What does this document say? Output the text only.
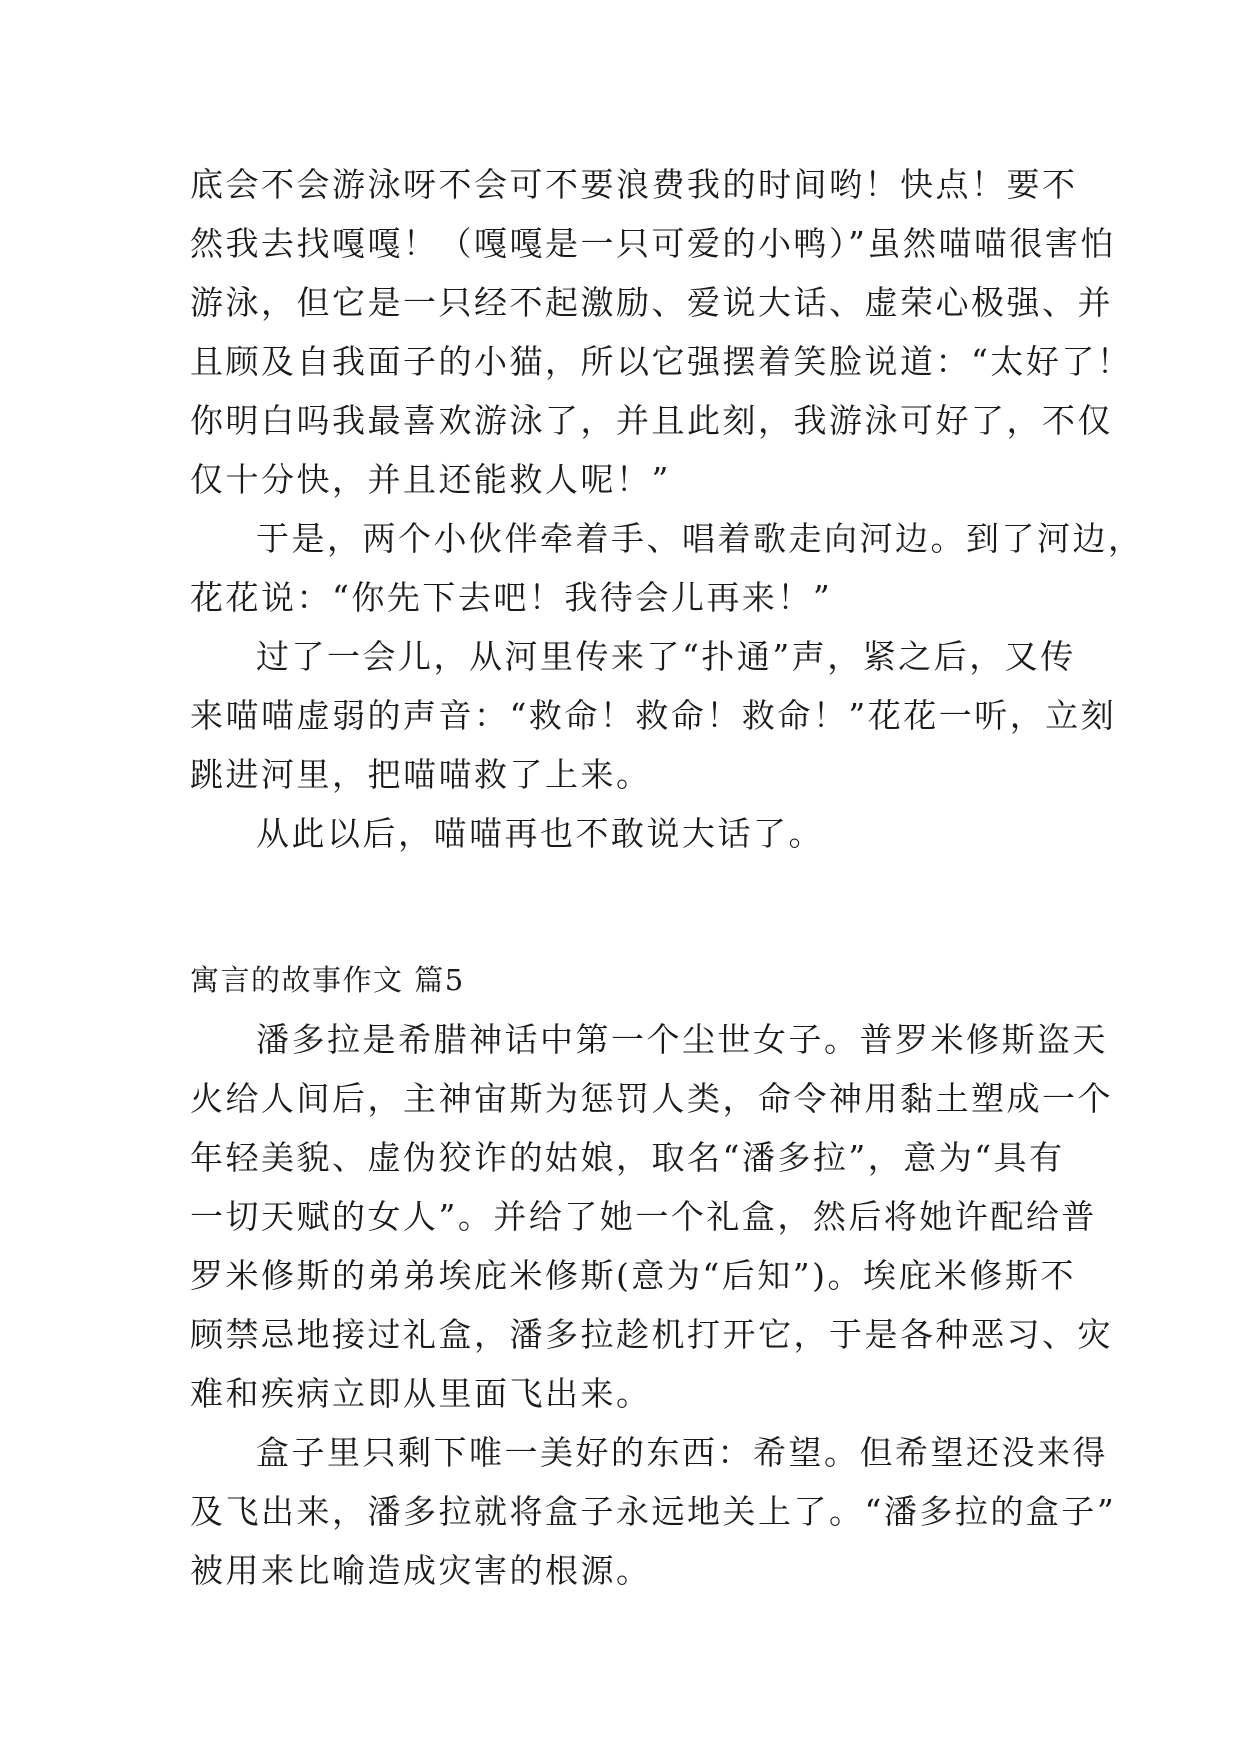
底会不会游泳呀不会可不要浪费我的时间哟！快点！要不
然我去找嘎嘎！（嘎嘎是一只可爱的小鸭）”虽然喵喵很害怕
游泳，但它是一只经不起激励、爱说大话、虚荣心极强、并
且顾及自我面子的小猫，所以它强摆着笑脸说道：“太好了！
你明白吗我最喜欢游泳了，并且此刻，我游泳可好了，不仅
仅十分快，并且还能救人呢！”
于是，两个小伙伴牵着手、唱着歌走向河边。到了河边，
花花说：“你先下去吧！我待会儿再来！”
过了一会儿，从河里传来了“扑通”声，紧之后，又传
来喵喵虚弱的声音：“救命！救命！救命！”花花一听，立刻
跳进河里，把喵喵救了上来。
从此以后，喵喵再也不敢说大话了。
寓言的故事作文 篇5
潘多拉是希腊神话中第一个尘世女子。普罗米修斯盗天
火给人间后，主神宙斯为惩罚人类，命令神用黏土塑成一个
年轻美貌、虚伪狡诈的姑娘，取名“潘多拉”，意为“具有
一切天赋的女人”。并给了她一个礼盒，然后将她许配给普
罗米修斯的弟弟埃庇米修斯(意为“后知”)。埃庇米修斯不
顾禁忌地接过礼盒，潘多拉趁机打开它，于是各种恶习、灾
难和疾病立即从里面飞出来。
盒子里只剩下唯一美好的东西：希望。但希望还没来得
及飞出来，潘多拉就将盒子永远地关上了。“潘多拉的盒子”
被用来比喻造成灾害的根源。
